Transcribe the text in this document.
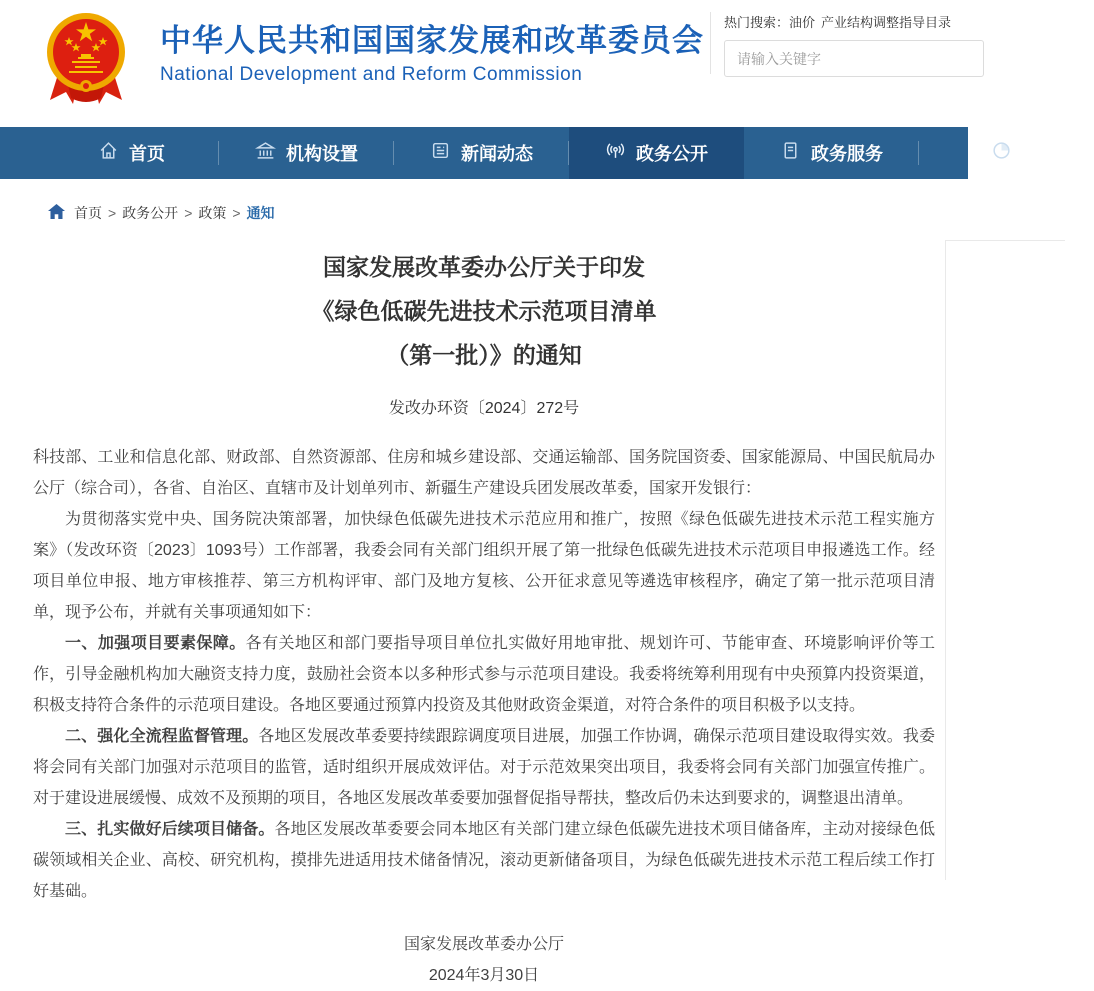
中华人民共和国国家发展和改革委员会
National Development and Reform Commission
热门搜索：油价 产业结构调整指导目录
请输入关键字
首页	机构设置	新闻动态	政务公开	政务服务
首页 > 政务公开 > 政策 > 通知
国家发展改革委办公厅关于印发
《绿色低碳先进技术示范项目清单
（第一批）》的通知
发改办环资〔2024〕272号

科技部、工业和信息化部、财政部、自然资源部、住房和城乡建设部、交通运输部、国务院国资委、国家能源局、中国民航局办公厅（综合司），各省、自治区、直辖市及计划单列市、新疆生产建设兵团发展改革委，国家开发银行：

为贯彻落实党中央、国务院决策部署，加快绿色低碳先进技术示范应用和推广，按照《绿色低碳先进技术示范工程实施方案》（发改环资〔2023〕1093号）工作部署，我委会同有关部门组织开展了第一批绿色低碳先进技术示范项目申报遴选工作。经项目单位申报、地方审核推荐、第三方机构评审、部门及地方复核、公开征求意见等遴选审核程序，确定了第一批示范项目清单，现予公布，并就有关事项通知如下：

一、加强项目要素保障。各有关地区和部门要指导项目单位扎实做好用地审批、规划许可、节能审查、环境影响评价等工作，引导金融机构加大融资支持力度，鼓励社会资本以多种形式参与示范项目建设。我委将统筹利用现有中央预算内投资渠道，积极支持符合条件的示范项目建设。各地区要通过预算内投资及其他财政资金渠道，对符合条件的项目积极予以支持。

二、强化全流程监督管理。各地区发展改革委要持续跟踪调度项目进展，加强工作协调，确保示范项目建设取得实效。我委将会同有关部门加强对示范项目的监管，适时组织开展成效评估。对于示范效果突出项目，我委将会同有关部门加强宣传推广。对于建设进展缓慢、成效不及预期的项目，各地区发展改革委要加强督促指导帮扶，整改后仍未达到要求的，调整退出清单。

三、扎实做好后续项目储备。各地区发展改革委要会同本地区有关部门建立绿色低碳先进技术项目储备库，主动对接绿色低碳领域相关企业、高校、研究机构，摸排先进适用技术储备情况，滚动更新储备项目，为绿色低碳先进技术示范工程后续工作打好基础。

国家发展改革委办公厅
2024年3月30日
